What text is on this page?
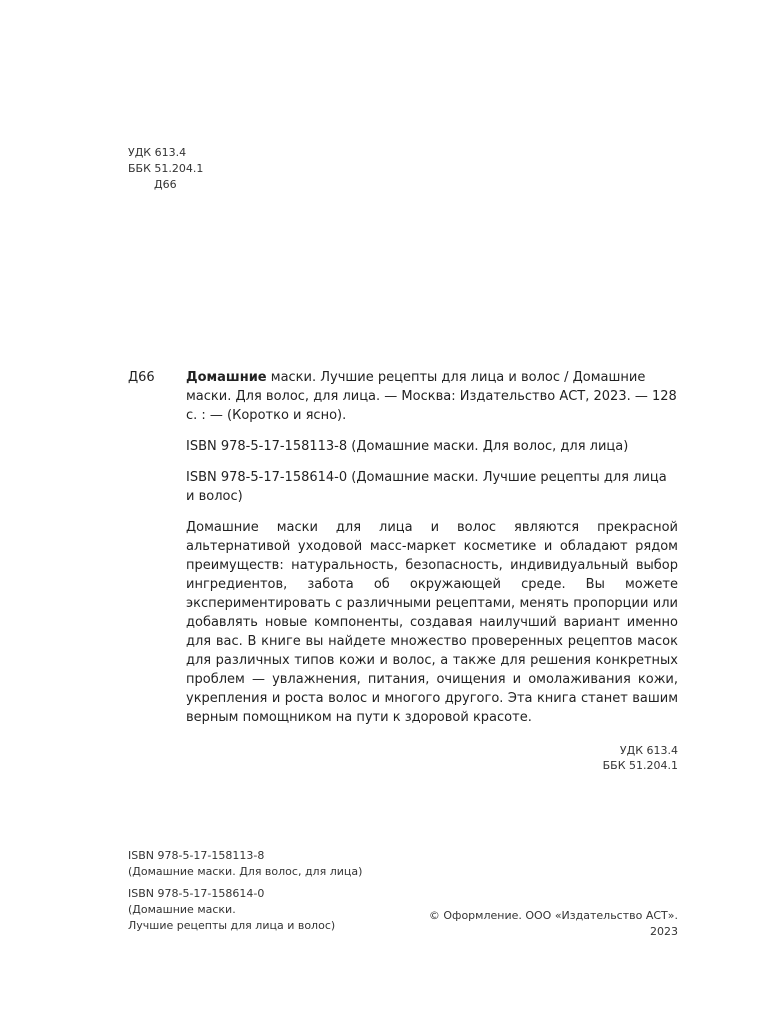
УДК 613.4
ББК 51.204.1
Д66
Д66 Домашние маски. Лучшие рецепты для лица и волос / Домашние маски. Для волос, для лица. — Москва: Издательство АСТ, 2023. — 128 с. : — (Коротко и ясно).

ISBN 978-5-17-158113-8 (Домашние маски. Для волос, для лица)

ISBN 978-5-17-158614-0 (Домашние маски. Лучшие рецепты для лица и волос)

Домашние маски для лица и волос являются прекрасной альтернативой уходовой масс-маркет косметике и обладают рядом преимуществ: натуральность, безопасность, индивидуальный выбор ингредиентов, забота об окружающей среде. Вы можете экспериментировать с различными рецептами, менять пропорции или добавлять новые компоненты, создавая наилучший вариант именно для вас. В книге вы найдете множество проверенных рецептов масок для различных типов кожи и волос, а также для решения конкретных проблем — увлажнения, питания, очищения и омолаживания кожи, укрепления и роста волос и многого другого. Эта книга станет вашим верным помощником на пути к здоровой красоте.

УДК 613.4
ББК 51.204.1

ISBN 978-5-17-158113-8
(Домашние маски. Для волос, для лица)

ISBN 978-5-17-158614-0
(Домашние маски.
Лучшие рецепты для лица и волос)

© Оформление. ООО «Издательство АСТ». 2023
